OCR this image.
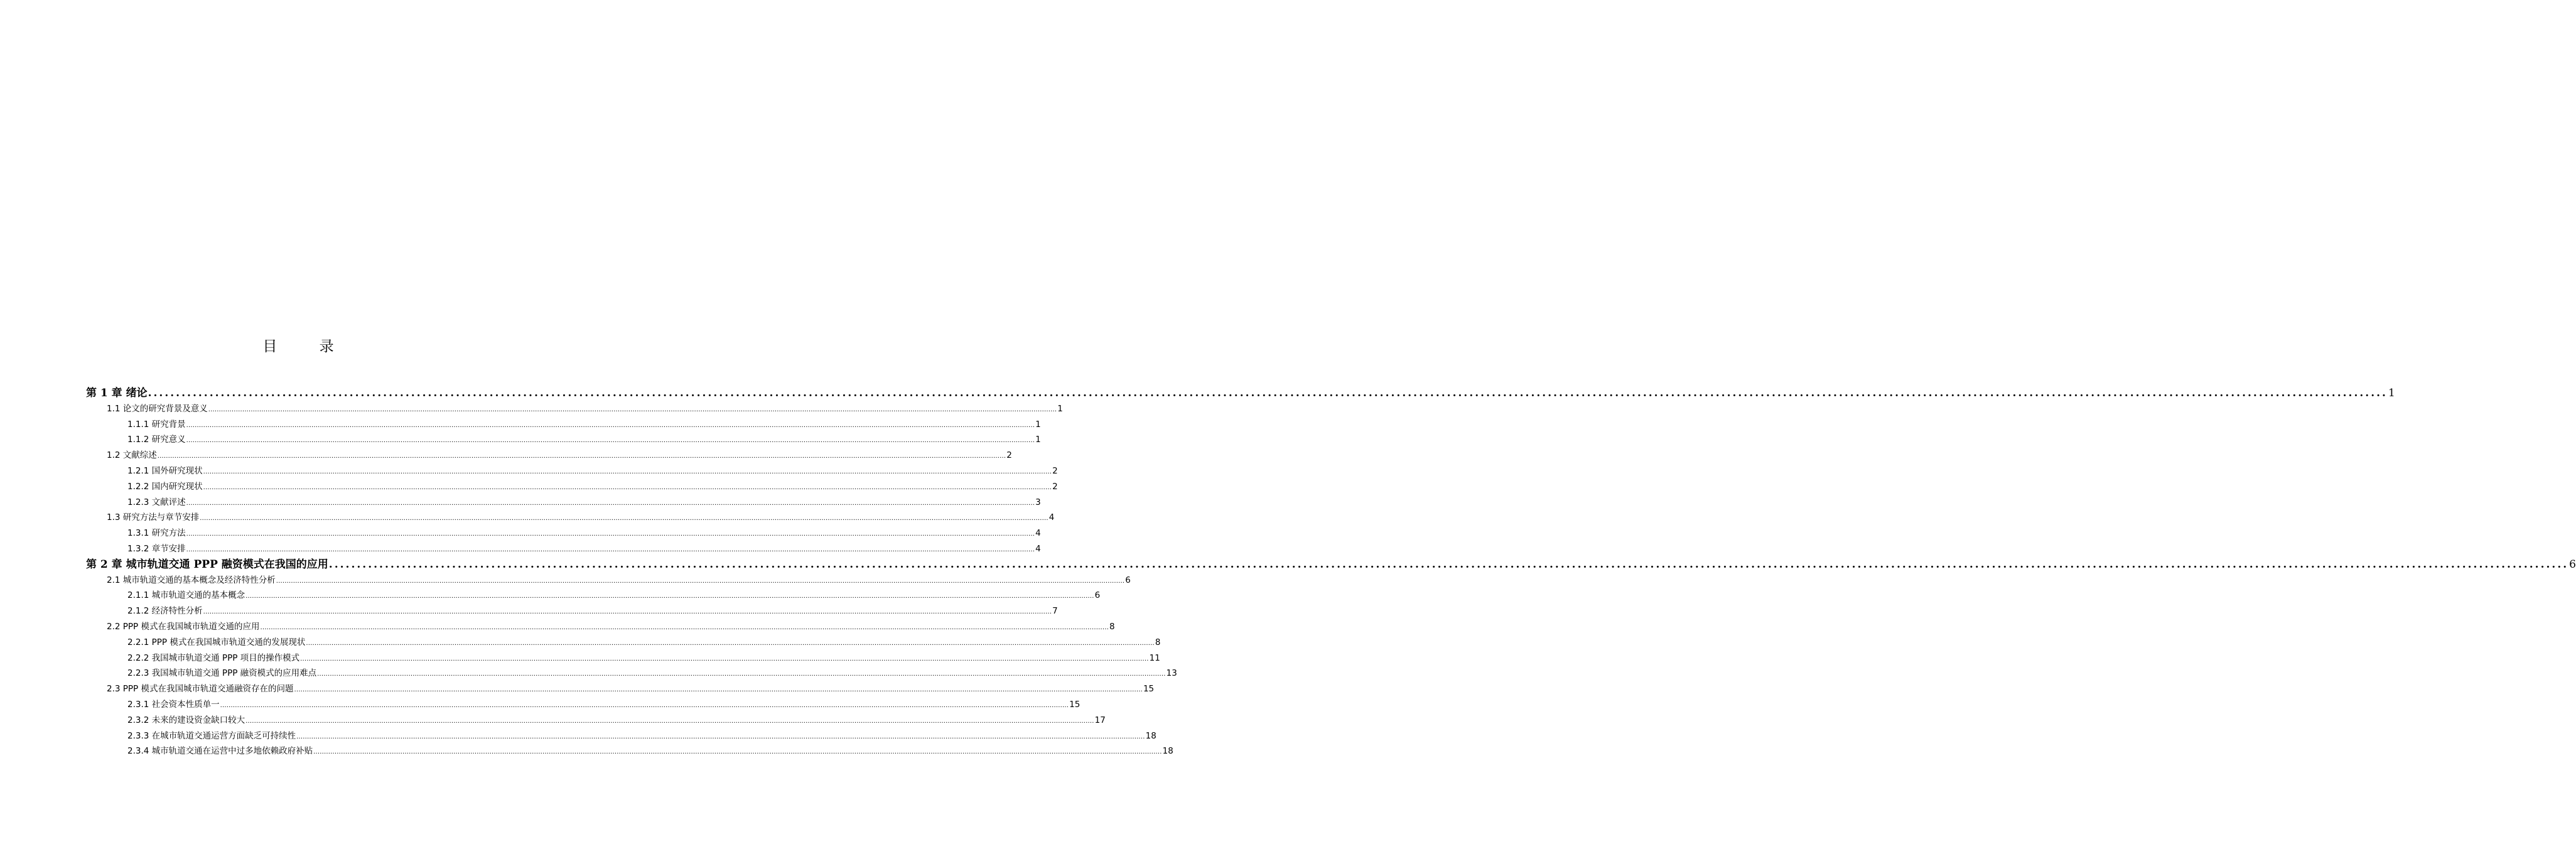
目 录
第 1 章 绪论 ................................................................................................................................................................................................................................................................................................................................................................................................................ 1
1.1 论文的研究背景及意义 ................................................................................................................................................................................................................................................................................................................................................................................................................ 1
1.1.1 研究背景 ................................................................................................................................................................................................................................................................................................................................................................................................................ 1
1.1.2 研究意义 ................................................................................................................................................................................................................................................................................................................................................................................................................ 1
1.2 文献综述 ................................................................................................................................................................................................................................................................................................................................................................................................................ 2
1.2.1 国外研究现状 ................................................................................................................................................................................................................................................................................................................................................................................................................ 2
1.2.2 国内研究现状 ................................................................................................................................................................................................................................................................................................................................................................................................................ 2
1.2.3 文献评述 ................................................................................................................................................................................................................................................................................................................................................................................................................ 3
1.3 研究方法与章节安排 ................................................................................................................................................................................................................................................................................................................................................................................................................ 4
1.3.1 研究方法 ................................................................................................................................................................................................................................................................................................................................................................................................................ 4
1.3.2 章节安排 ................................................................................................................................................................................................................................................................................................................................................................................................................ 4
第 2 章 城市轨道交通 PPP 融资模式在我国的应用 ................................................................................................................................................................................................................................................................................................................................................................................................................ 6
2.1 城市轨道交通的基本概念及经济特性分析 ................................................................................................................................................................................................................................................................................................................................................................................................................ 6
2.1.1 城市轨道交通的基本概念 ................................................................................................................................................................................................................................................................................................................................................................................................................ 6
2.1.2 经济特性分析 ................................................................................................................................................................................................................................................................................................................................................................................................................ 7
2.2 PPP 模式在我国城市轨道交通的应用 ................................................................................................................................................................................................................................................................................................................................................................................................................ 8
2.2.1 PPP 模式在我国城市轨道交通的发展现状 ................................................................................................................................................................................................................................................................................................................................................................................................................ 8
2.2.2 我国城市轨道交通 PPP 项目的操作模式 ................................................................................................................................................................................................................................................................................................................................................................................................................ 11
2.2.3 我国城市轨道交通 PPP 融资模式的应用难点 ................................................................................................................................................................................................................................................................................................................................................................................................................ 13
2.3 PPP 模式在我国城市轨道交通融资存在的问题 ................................................................................................................................................................................................................................................................................................................................................................................................................ 15
2.3.1 社会资本性质单一 ................................................................................................................................................................................................................................................................................................................................................................................................................ 15
2.3.2 未来的建设资金缺口较大 ................................................................................................................................................................................................................................................................................................................................................................................................................ 17
2.3.3 在城市轨道交通运营方面缺乏可持续性 ................................................................................................................................................................................................................................................................................................................................................................................................................ 18
2.3.4 城市轨道交通在运营中过多地依赖政府补贴 ................................................................................................................................................................................................................................................................................................................................................................................................................ 18
